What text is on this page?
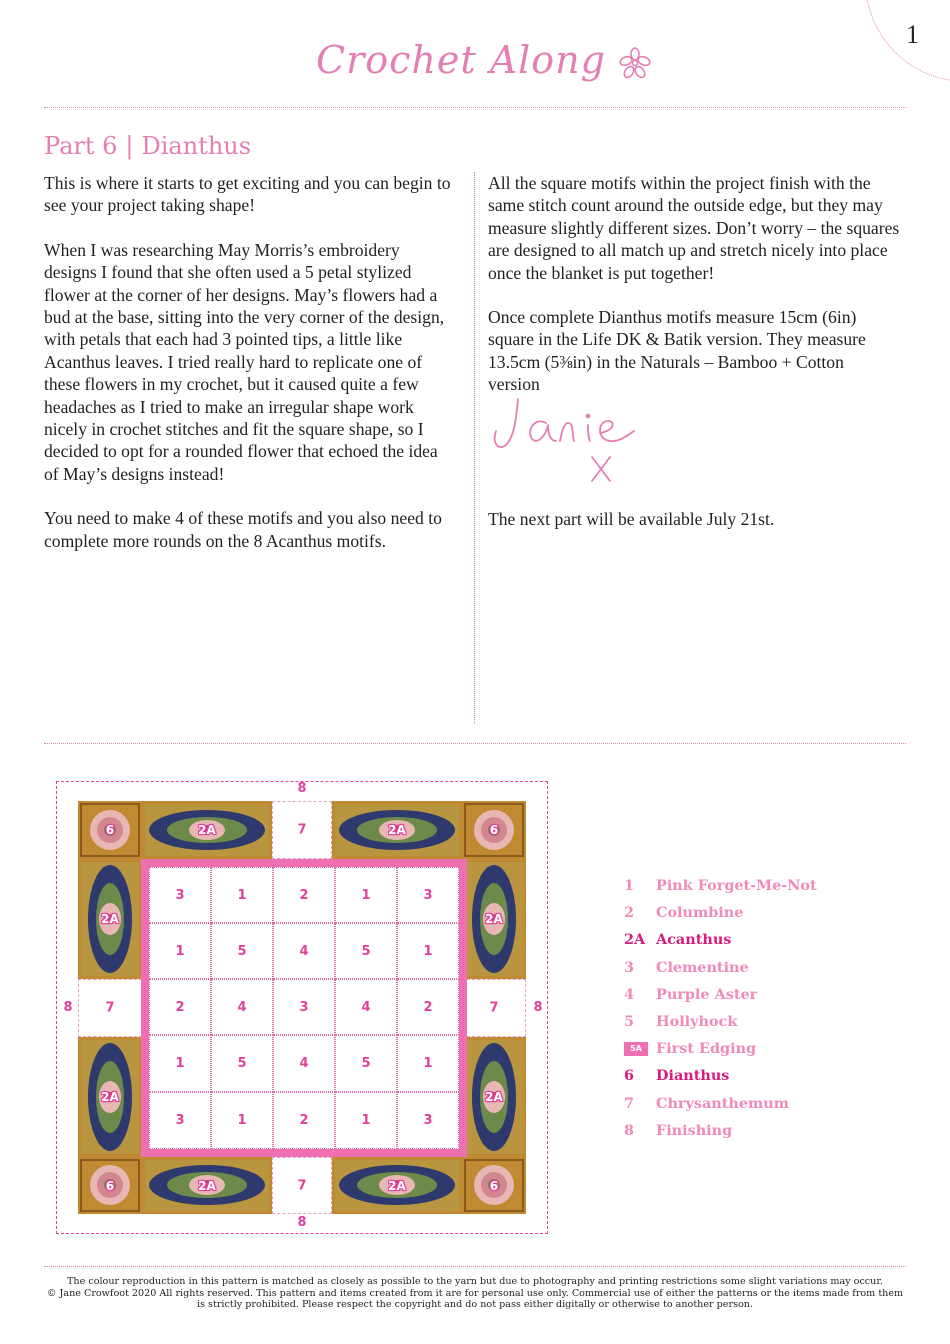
1
Crochet Along
Part 6 | Dianthus

This is where it starts to get exciting and you can begin to see your project taking shape!

When I was researching May Morris’s embroidery designs I found that she often used a 5 petal stylized flower at the corner of her designs. May’s flowers had a bud at the base, sitting into the very corner of the design, with petals that each had 3 pointed tips, a little like Acanthus leaves. I tried really hard to replicate one of these flowers in my crochet, but it caused quite a few headaches as I tried to make an irregular shape work nicely in crochet stitches and fit the square shape, so I decided to opt for a rounded flower that echoed the idea of May’s designs instead!

You need to make 4 of these motifs and you also need to complete more rounds on the 8 Acanthus motifs.

All the square motifs within the project finish with the same stitch count around the outside edge, but they may measure slightly different sizes. Don’t worry – the squares are designed to all match up and stretch nicely into place once the blanket is put together!

Once complete Dianthus motifs measure 15cm (6in) square in the Life DK & Batik version. They measure 13.5cm (5⅜in) in the Naturals – Bamboo + Cotton version

The next part will be available July 21st.
8
8
8	8
6	6
6	6
2A	2A
2A	2A
2A
2A
2A
2A
7
7
7	7
3	1	2	1	3
1	5	4	5	1
2	4	3	4	2
1	5	4	5	1
3	1	2	1	3
1	Pink Forget-Me-Not
2	Columbine
2A Acanthus
3	Clementine
4	Purple Aster
5	Hollyhock
5A First Edging
6	Dianthus
7	Chrysanthemum
8	Finishing
The colour reproduction in this pattern is matched as closely as possible to the yarn but due to photography and printing restrictions some slight variations may occur.
© Jane Crowfoot 2020 All rights reserved. This pattern and items created from it are for personal use only. Commercial use of either the patterns or the items made from them is strictly prohibited. Please respect the copyright and do not pass either digitally or otherwise to another person.
